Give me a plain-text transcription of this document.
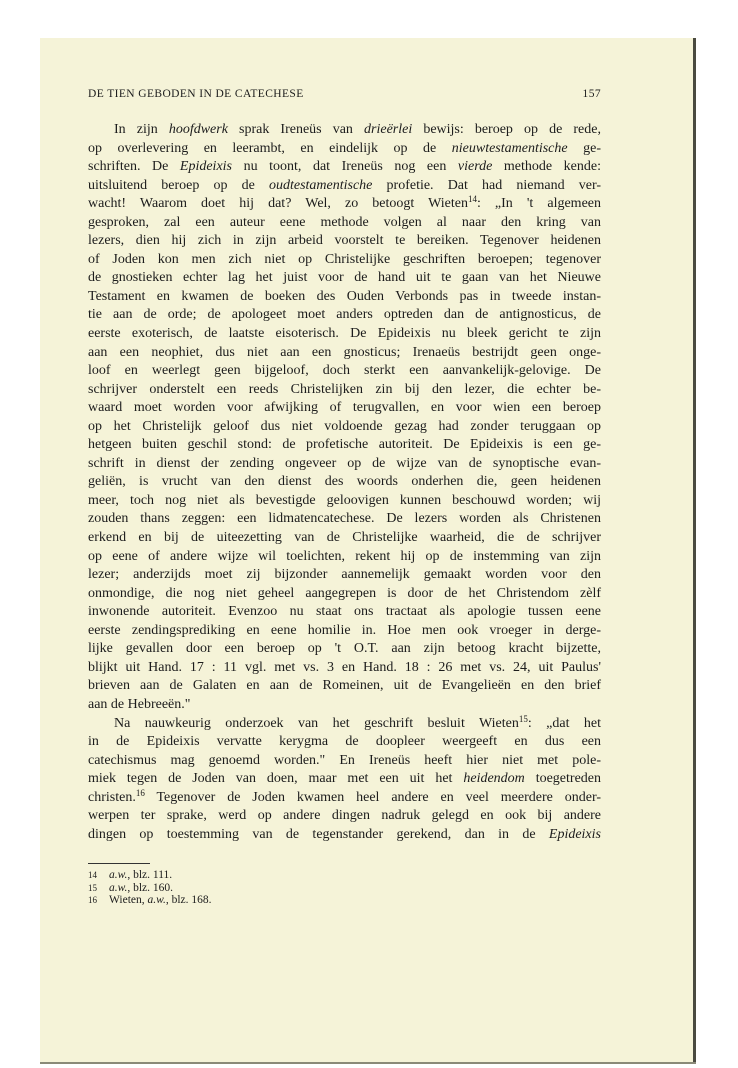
DE TIEN GEBODEN IN DE CATECHESE	157
In zijn hoofdwerk sprak Ireneüs van drieërlei bewijs: beroep op de rede,
op overlevering en leerambt, en eindelijk op de nieuwtestamentische ge-
schriften. De Epideixis nu toont, dat Ireneüs nog een vierde methode kende:
uitsluitend beroep op de oudtestamentische profetie. Dat had niemand ver-
wacht! Waarom doet hij dat? Wel, zo betoogt Wieten$^{14}$: „In 't algemeen
gesproken, zal een auteur eene methode volgen al naar den kring van
lezers, dien hij zich in zijn arbeid voorstelt te bereiken. Tegenover heidenen
of Joden kon men zich niet op Christelijke geschriften beroepen; tegenover
de gnostieken echter lag het juist voor de hand uit te gaan van het Nieuwe
Testament en kwamen de boeken des Ouden Verbonds pas in tweede instan-
tie aan de orde; de apologeet moet anders optreden dan de antignosticus, de
eerste exoterisch, de laatste eisoterisch. De Epideixis nu bleek gericht te zijn
aan een neophiet, dus niet aan een gnosticus; Irenaeüs bestrijdt geen onge-
loof en weerlegt geen bijgeloof, doch sterkt een aanvankelijk-gelovige. De
schrijver onderstelt een reeds Christelijken zin bij den lezer, die echter be-
waard moet worden voor afwijking of terugvallen, en voor wien een beroep
op het Christelijk geloof dus niet voldoende gezag had zonder teruggaan op
hetgeen buiten geschil stond: de profetische autoriteit. De Epideixis is een ge-
schrift in dienst der zending ongeveer op de wijze van de synoptische evan-
geliën, is vrucht van den dienst des woords onderhen die, geen heidenen
meer, toch nog niet als bevestigde geloovigen kunnen beschouwd worden; wij
zouden thans zeggen: een lidmatencatechese. De lezers worden als Christenen
erkend en bij de uiteezetting van de Christelijke waarheid, die de schrijver
op eene of andere wijze wil toelichten, rekent hij op de instemming van zijn
lezer; anderzijds moet zij bijzonder aannemelijk gemaakt worden voor den
onmondige, die nog niet geheel aangegrepen is door de het Christendom zèlf
inwonende autoriteit. Evenzoo nu staat ons tractaat als apologie tussen eene
eerste zendingsprediking en eene homilie in. Hoe men ook vroeger in derge-
lijke gevallen door een beroep op 't O.T. aan zijn betoog kracht bijzette,
blijkt uit Hand. 17 : 11 vgl. met vs. 3 en Hand. 18 : 26 met vs. 24, uit Paulus'
brieven aan de Galaten en aan de Romeinen, uit de Evangelieën en den brief
aan de Hebreeën."
Na nauwkeurig onderzoek van het geschrift besluit Wieten$^{15}$: „dat het
in de Epideixis vervatte kerygma de doopleer weergeeft en dus een
catechismus mag genoemd worden." En Ireneüs heeft hier niet met pole-
miek tegen de Joden van doen, maar met een uit het heidendom toegetreden
christen.$^{16}$ Tegenover de Joden kwamen heel andere en veel meerdere onder-
werpen ter sprake, werd op andere dingen nadruk gelegd en ook bij andere
dingen op toestemming van de tegenstander gerekend, dan in de Epideixis
14 a.w., blz. 111.
15 a.w., blz. 160.
16 Wieten, a.w., blz. 168.
